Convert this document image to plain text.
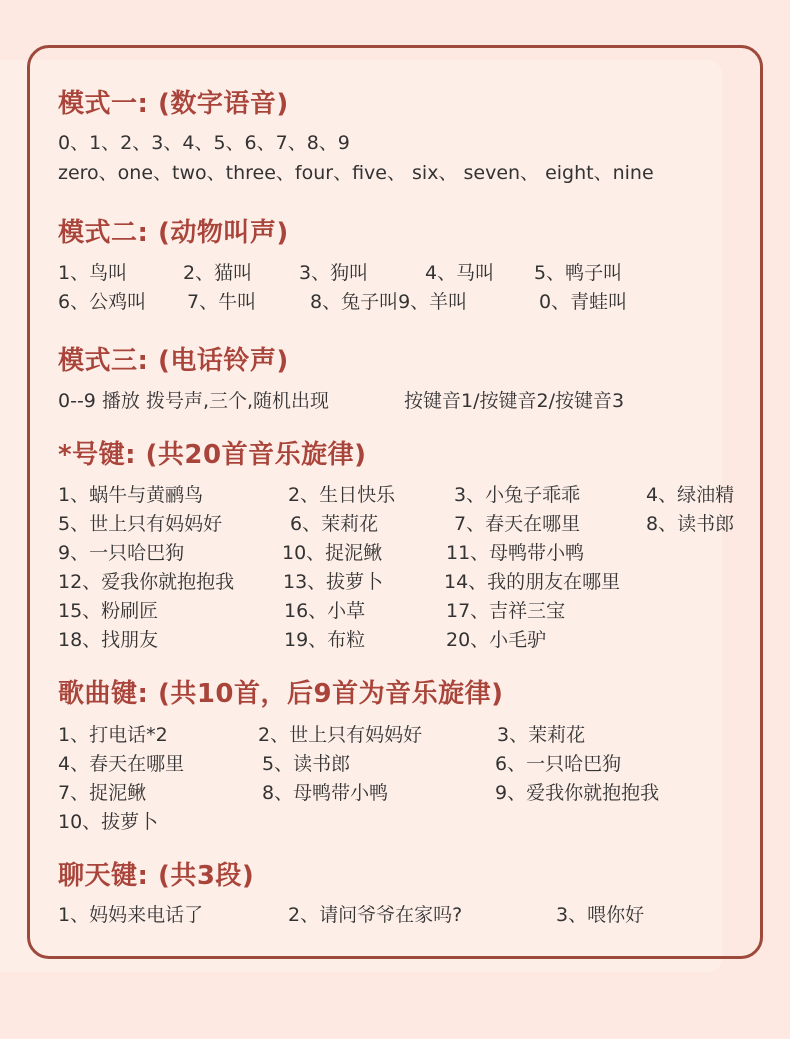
模式一: (数字语音)
0、1、2、3、4、5、6、7、8、9
zero、one、two、three、four、five、 six、 seven、 eight、nine
模式二: (动物叫声)
1、鸟叫	2、猫叫 3、狗叫	4、马叫 5、鸭子叫
6、公鸡叫 7、牛叫	8、兔子叫9、羊叫	0、青蛙叫
模式三: (电话铃声)
0--9 播放 拨号声,三个,随机出现	按键音1/按键音2/按键音3
*号键: (共20首音乐旋律)
1、蜗牛与黄鹂鸟	2、生日快乐	3、小兔子乖乖	4、绿油精
5、世上只有妈妈好	6、茉莉花	7、春天在哪里	8、读书郎
9、一只哈巴狗	10、捉泥鳅	11、母鸭带小鸭
12、爱我你就抱抱我	13、拔萝卜	14、我的朋友在哪里
15、粉刷匠	16、小草	17、吉祥三宝
18、找朋友	19、布粒	20、小毛驴
歌曲键: (共10首，后9首为音乐旋律)
1、打电话*2	2、世上只有妈妈好	3、茉莉花
4、春天在哪里	5、读书郎	6、一只哈巴狗
7、捉泥鳅	8、母鸭带小鸭	9、爱我你就抱抱我
10、拔萝卜
聊天键: (共3段)
1、妈妈来电话了	2、请问爷爷在家吗?	3、喂你好
